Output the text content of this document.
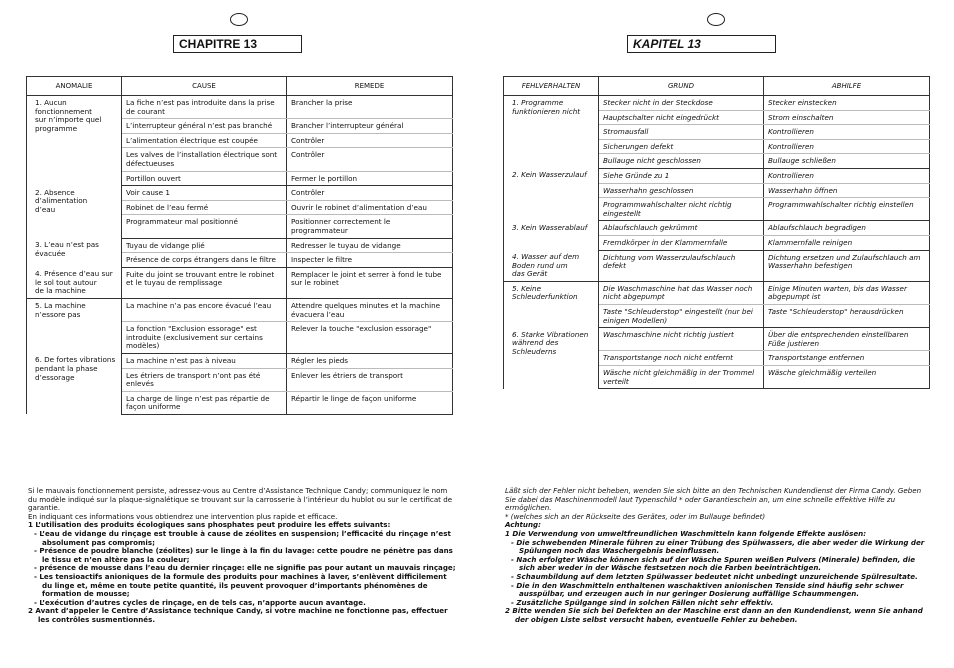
CHAPITRE 13
ANOMALIE	CAUSE	REMEDE
1. Aucun
fonctionnement
sur n’importe quel
programme	La fiche n’est pas introduite dans la prise de courant	Brancher la prise
	L’interrupteur général n’est pas branché	Brancher l’interrupteur général
	L’alimentation électrique est coupée	Contrôler
	Les valves de l’installation électrique sont défectueuses	Contrôler
	Portillon ouvert	Fermer le portillon
2. Absence
d’alimentation
d’eau	Voir cause 1	Contrôler
	Robinet de l’eau fermé	Ouvrir le robinet d’alimentation d’eau
	Programmateur mal positionné	Positionner correctement le programmateur
3. L’eau n’est pas
évacuée	Tuyau de vidange plié	Redresser le tuyau de vidange
	Présence de corps étrangers dans le filtre	Inspecter le filtre
4. Présence d’eau sur
le sol tout autour
de la machine	Fuite du joint se trouvant entre le robinet et le tuyau de remplissage	Remplacer le joint et serrer à fond le tube sur le robinet
5. La machine
n’essore pas	La machine n’a pas encore évacué l’eau	Attendre quelques minutes et la machine évacuera l’eau
	La fonction "Exclusion essorage" est introduite (exclusivement sur certains modèles)	Relever la touche "exclusion essorage"
6. De fortes vibrations
pendant la phase
d’essorage	La machine n’est pas à niveau	Régler les pieds
	Les étriers de transport n’ont pas été enlevés	Enlever les étriers de transport
	La charge de linge n’est pas répartie de façon uniforme	Répartir le linge de façon uniforme

Si le mauvais fonctionnement persiste, adressez-vous au Centre d’Assistance Technique Candy; communiquez le nom du modèle indiqué sur la plaque-signalétique se trouvant sur la carrosserie à l’intérieur du hublot ou sur le certificat de garantie.

En indiquant ces informations vous obtiendrez une intervention plus rapide et efficace.

1 L’utilisation des produits écologiques sans phosphates peut produire les effets suivants:

- L’eau de vidange du rinçage est trouble à cause de zéolites en suspension; l’efficacité du rinçage n’est absolument pas compromis;

- Présence de poudre blanche (zéolites) sur le linge à la fin du lavage: cette poudre ne pénètre pas dans le tissu et n’en altère pas la couleur;

- présence de mousse dans l’eau du dernier rinçage: elle ne signifie pas pour autant un mauvais rinçage;

- Les tensioactifs anioniques de la formule des produits pour machines à laver, s’enlèvent difficilement du linge et, même en toute petite quantité, ils peuvent provoquer d’importants phénomènes de formation de mousse;

- L’exécution d’autres cycles de rinçage, en de tels cas, n’apporte aucun avantage.

2 Avant d’appeler le Centre d’Assistance technique Candy, si votre machine ne fonctionne pas, effectuer les contrôles susmentionnés.

KAPITEL 13
FEHLVERHALTEN	GRUND	ABHILFE
1. Programme
funktionieren nicht	Stecker nicht in der Steckdose	Stecker einstecken
	Hauptschalter nicht eingedrückt	Strom einschalten
	Stromausfall	Kontrollieren
	Sicherungen defekt	Kontrollieren
	Bullauge nicht geschlossen	Bullauge schließen
2. Kein Wasserzulauf	Siehe Gründe zu 1	Kontrollieren
	Wasserhahn geschlossen	Wasserhahn öffnen
	Programmwahlschalter nicht richtig eingestellt	Programmwahlschalter richtig einstellen
3. Kein Wasserablauf	Ablaufschlauch gekrümmt	Ablaufschlauch begradigen
	Fremdkörper in der Klammernfalle	Klammernfalle reinigen
4. Wasser auf dem
Boden rund um
das Gerät	Dichtung vom Wasserzulaufschlauch defekt	Dichtung ersetzen und Zulaufschlauch am Wasserhahn befestigen
5. Keine
Schleuderfunktion	Die Waschmaschine hat das Wasser noch nicht abgepumpt	Einige Minuten warten, bis das Wasser abgepumpt ist
	Taste "Schleuderstop" eingestellt (nur bei einigen Modellen)	Taste "Schleuderstop" herausdrücken
6. Starke Vibrationen
während des
Schleuderns	Waschmaschine nicht richtig justiert	Über die entsprechenden einstellbaren Füße justieren
	Transportstange noch nicht entfernt	Transportstange entfernen
	Wäsche nicht gleichmäßig in der Trommel verteilt	Wäsche gleichmäßig verteilen

Läßt sich der Fehler nicht beheben, wenden Sie sich bitte an den Technischen Kundendienst der Firma Candy. Geben Sie dabei das Maschinenmodell laut Typenschild * oder Garantieschein an, um eine schnelle effektive Hilfe zu ermöglichen.

* (welches sich an der Rückseite des Gerätes, oder im Bullauge befindet)

Achtung:

1 Die Verwendung von umweltfreundlichen Waschmitteln kann folgende Effekte auslösen:

- Die schwebenden Minerale führen zu einer Trübung des Spülwassers, die aber weder die Wirkung der Spülungen noch das Waschergebnis beeinflussen.

- Nach erfolgter Wäsche können sich auf der Wäsche Spuren weißen Pulvers (Minerale) befinden, die sich aber weder in der Wäsche festsetzen noch die Farben beeinträchtigen.

- Schaumbildung auf dem letzten Spülwasser bedeutet nicht unbedingt unzureichende Spülresultate.

- Die in den Waschmitteln enthaltenen waschaktiven anionischen Tenside sind häufig sehr schwer ausspülbar, und erzeugen auch in nur geringer Dosierung auffällige Schaummengen.

- Zusätzliche Spülgange sind in solchen Fällen nicht sehr effektiv.

2 Bitte wenden Sie sich bei Defekten an der Maschine erst dann an den Kundendienst, wenn Sie anhand der obigen Liste selbst versucht haben, eventuelle Fehler zu beheben.
